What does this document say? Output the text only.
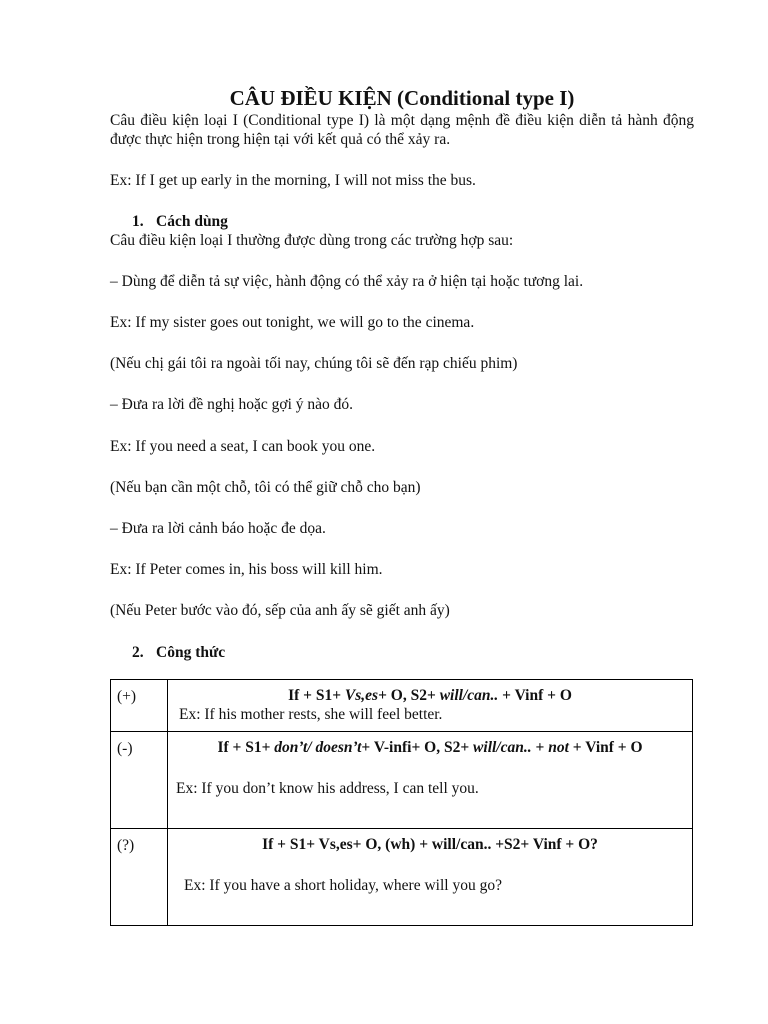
CÂU ĐIỀU KIỆN (Conditional type I)
Câu điều kiện loại I (Conditional type I) là một dạng mệnh đề điều kiện diễn tả hành động được thực hiện trong hiện tại với kết quả có thể xảy ra.
Ex: If I get up early in the morning, I will not miss the bus.
1. Cách dùng
Câu điều kiện loại I thường được dùng trong các trường hợp sau:
– Dùng để diễn tả sự việc, hành động có thể xảy ra ở hiện tại hoặc tương lai.
Ex: If my sister goes out tonight, we will go to the cinema.
(Nếu chị gái tôi ra ngoài tối nay, chúng tôi sẽ đến rạp chiếu phim)
– Đưa ra lời đề nghị hoặc gợi ý nào đó.
Ex: If you need a seat, I can book you one.
(Nếu bạn cần một chỗ, tôi có thể giữ chỗ cho bạn)
– Đưa ra lời cảnh báo hoặc đe dọa.
Ex: If Peter comes in, his boss will kill him.
(Nếu Peter bước vào đó, sếp của anh ấy sẽ giết anh ấy)
2. Công thức
(+)	If + S1+ Vs,es+ O, S2+ will/can.. + Vinf + O
Ex: If his mother rests, she will feel better.

(-)	If + S1+ don’t/ doesn’t+ V-infi+ O, S2+ will/can.. + not + Vinf + O
Ex: If you don’t know his address, I can tell you.

(?)	If + S1+ Vs,es+ O, (wh) + will/can.. +S2+ Vinf + O?
Ex: If you have a short holiday, where will you go?
